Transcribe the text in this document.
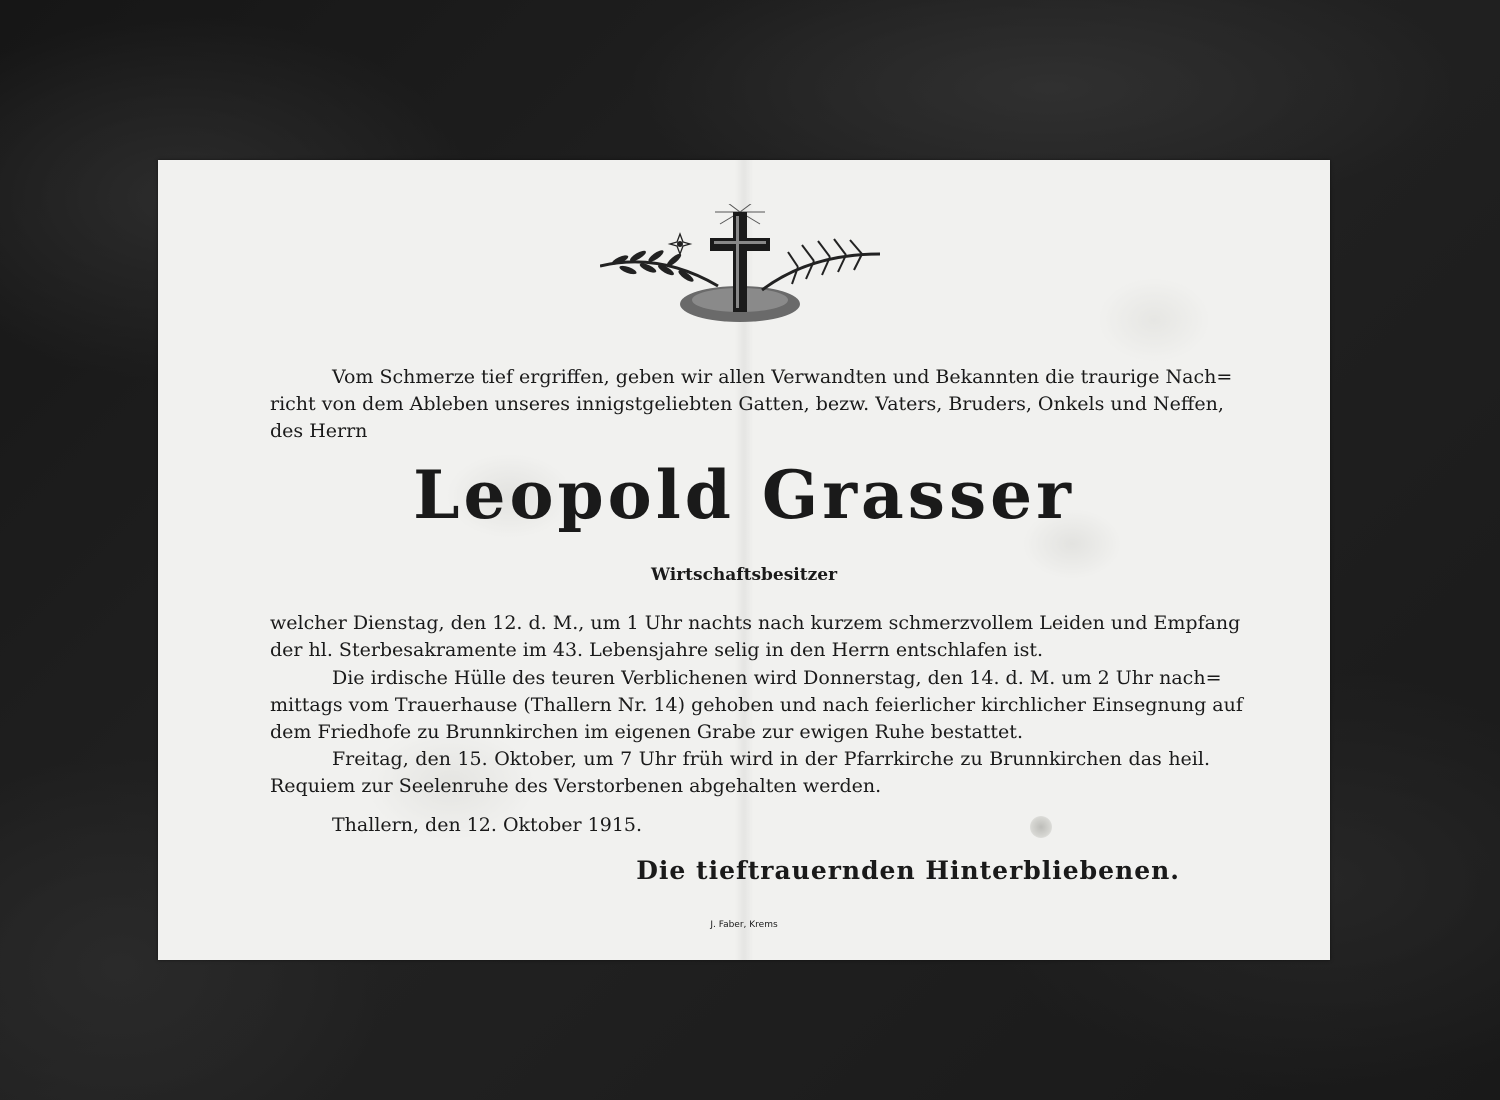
Vom Schmerze tief ergriffen, geben wir allen Verwandten und Bekannten die traurige Nach=
richt von dem Ableben unseres innigstgeliebten Gatten, bezw. Vaters, Bruders, Onkels und Neffen,
des Herrn

Leopold Grasser

Wirtschaftsbesitzer

welcher Dienstag, den 12. d. M., um 1 Uhr nachts nach kurzem schmerzvollem Leiden und Empfang
der hl. Sterbesakramente im 43. Lebensjahre selig in den Herrn entschlafen ist.

Die irdische Hülle des teuren Verblichenen wird Donnerstag, den 14. d. M. um 2 Uhr nach=
mittags vom Trauerhause (Thallern Nr. 14) gehoben und nach feierlicher kirchlicher Einsegnung auf
dem Friedhofe zu Brunnkirchen im eigenen Grabe zur ewigen Ruhe bestattet.

Freitag, den 15. Oktober, um 7 Uhr früh wird in der Pfarrkirche zu Brunnkirchen das heil.
Requiem zur Seelenruhe des Verstorbenen abgehalten werden.

Thallern, den 12. Oktober 1915.

Die tieftrauernden Hinterbliebenen.

J. Faber, Krems
